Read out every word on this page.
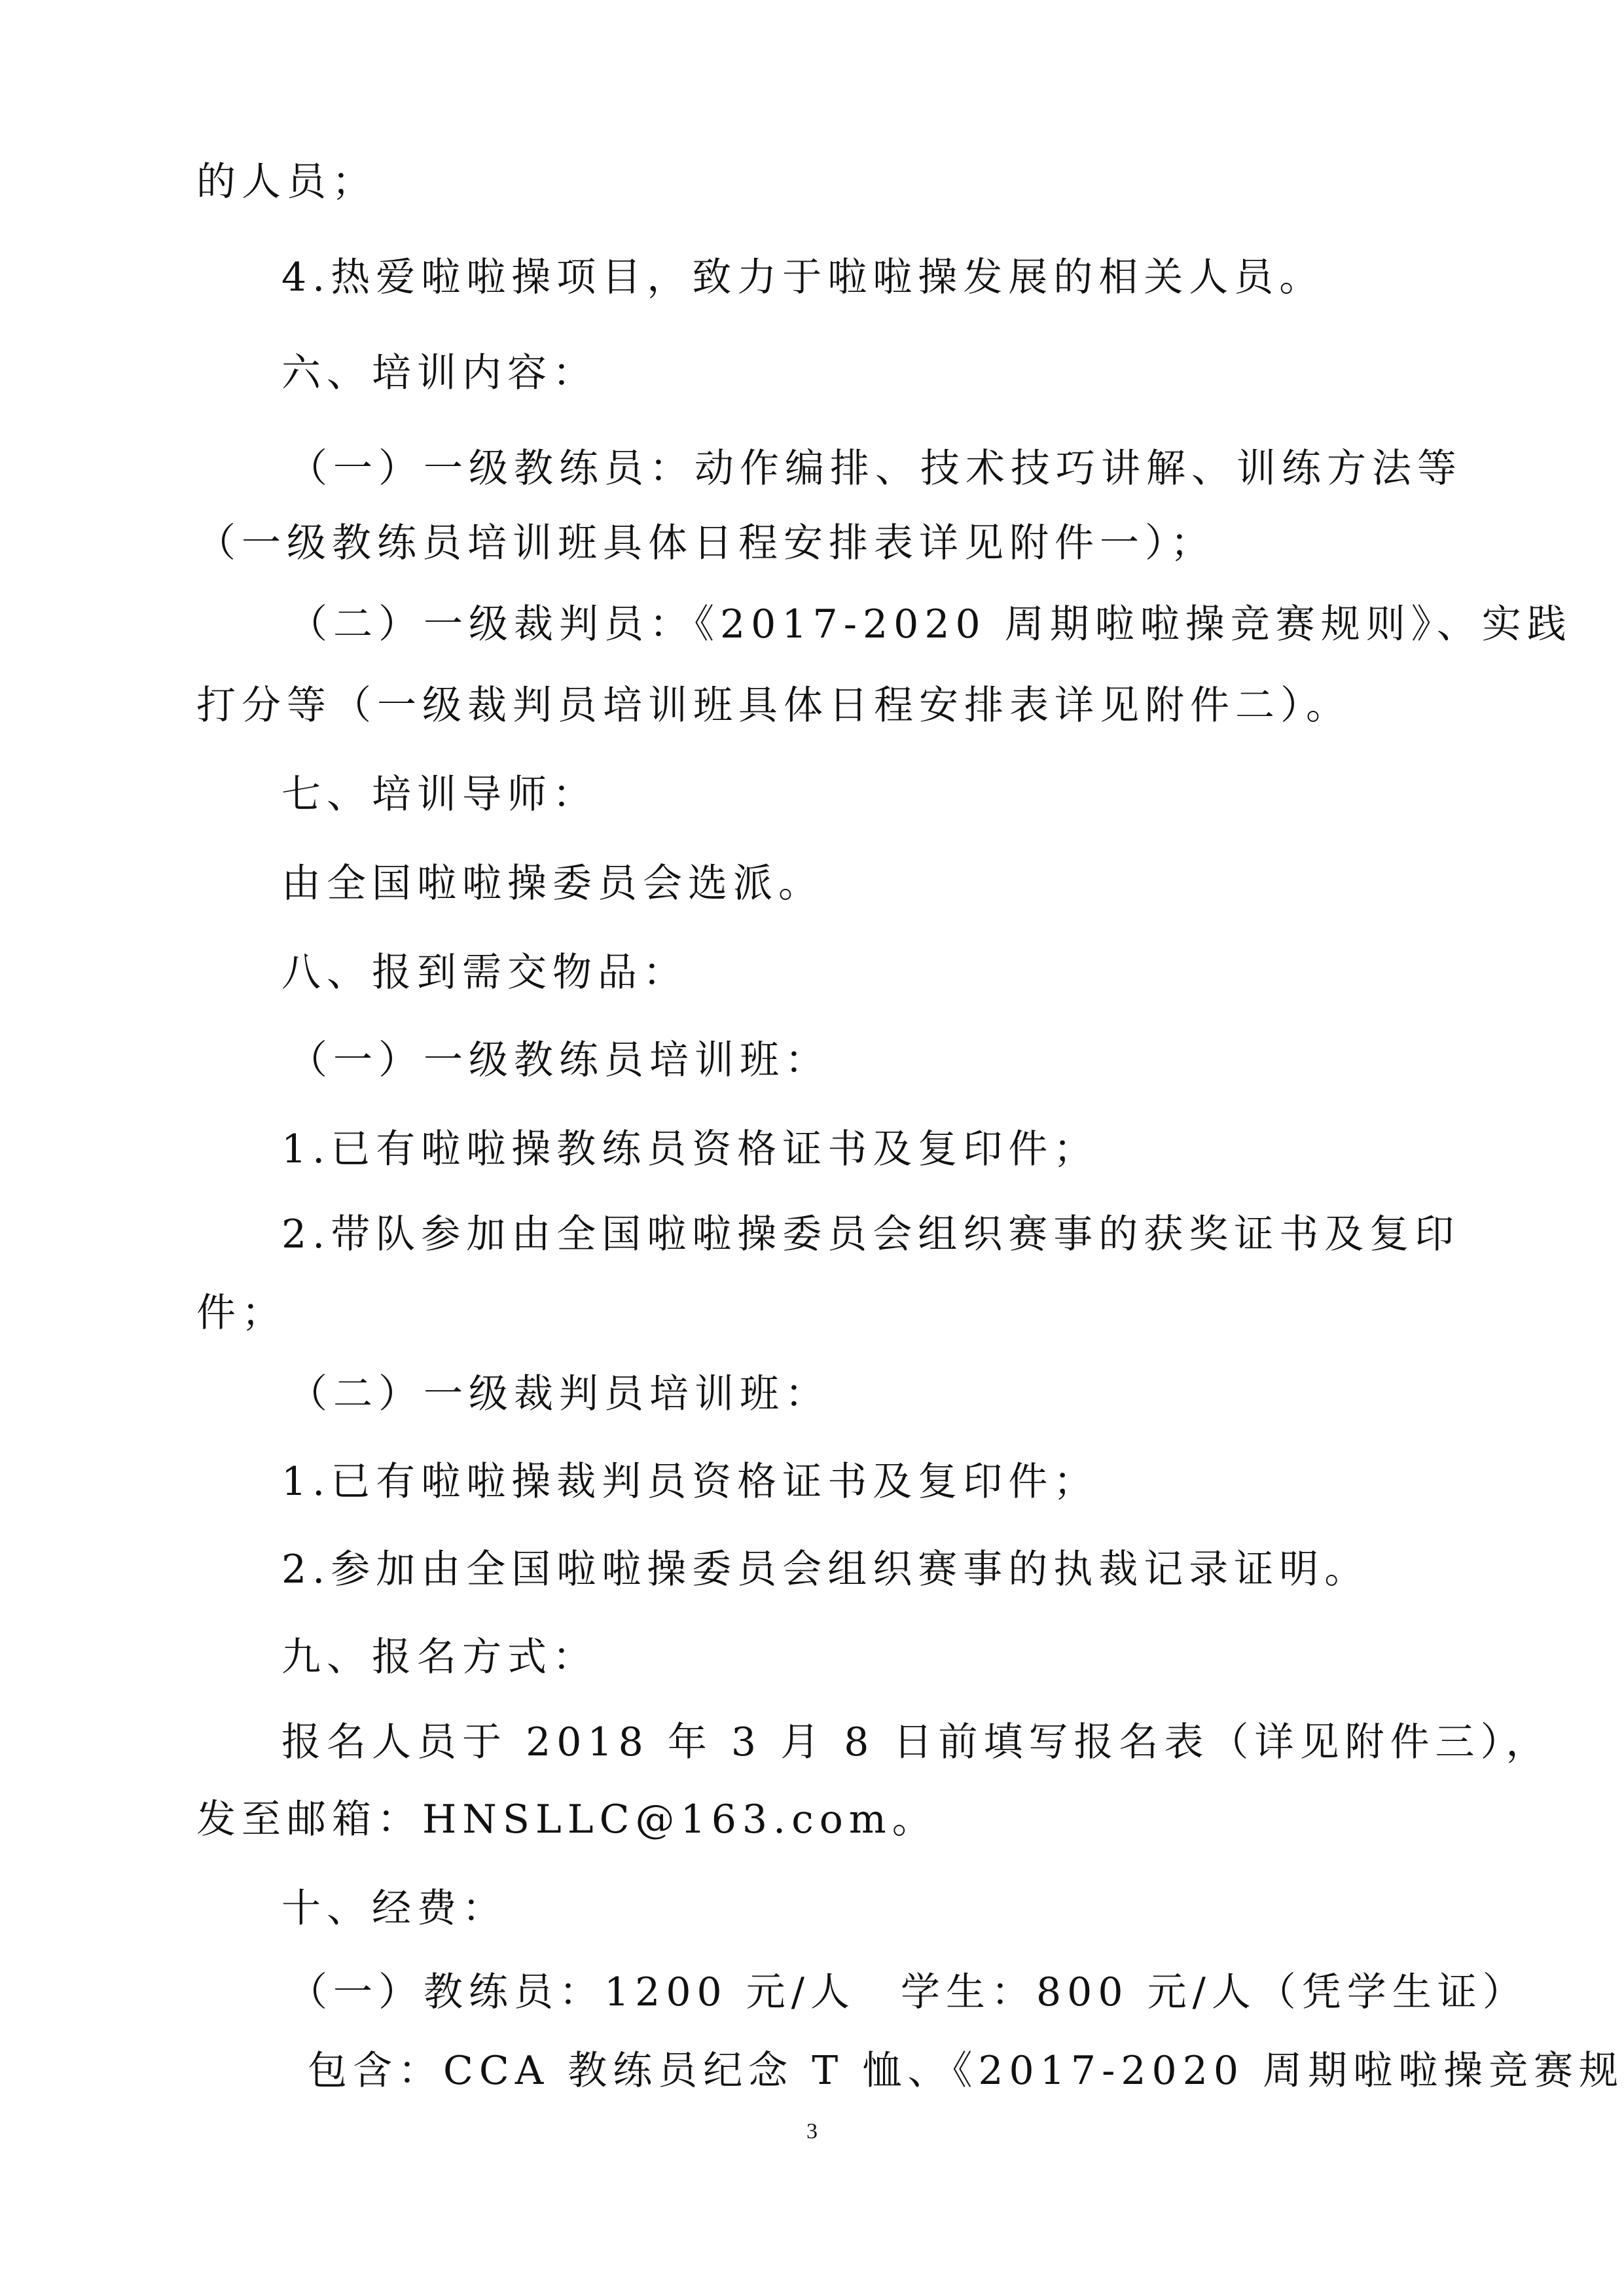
的人员；
4.热爱啦啦操项目，致力于啦啦操发展的相关人员。
六、培训内容：
（一）一级教练员：动作编排、技术技巧讲解、训练方法等
（一级教练员培训班具体日程安排表详见附件一）；
（二）一级裁判员：《2017-2020 周期啦啦操竞赛规则》、实践
打分等（一级裁判员培训班具体日程安排表详见附件二）。
七、培训导师：
由全国啦啦操委员会选派。
八、报到需交物品：
（一）一级教练员培训班：
1.已有啦啦操教练员资格证书及复印件；
2.带队参加由全国啦啦操委员会组织赛事的获奖证书及复印
件；
（二）一级裁判员培训班：
1.已有啦啦操裁判员资格证书及复印件；
2.参加由全国啦啦操委员会组织赛事的执裁记录证明。
九、报名方式：
报名人员于 2018 年 3 月 8 日前填写报名表（详见附件三），
发至邮箱：HNSLLC@163.com。
十、经费：
（一）教练员：1200 元/人　学生：800 元/人（凭学生证）
包含：CCA 教练员纪念 T 恤、《2017-2020 周期啦啦操竞赛规
3
